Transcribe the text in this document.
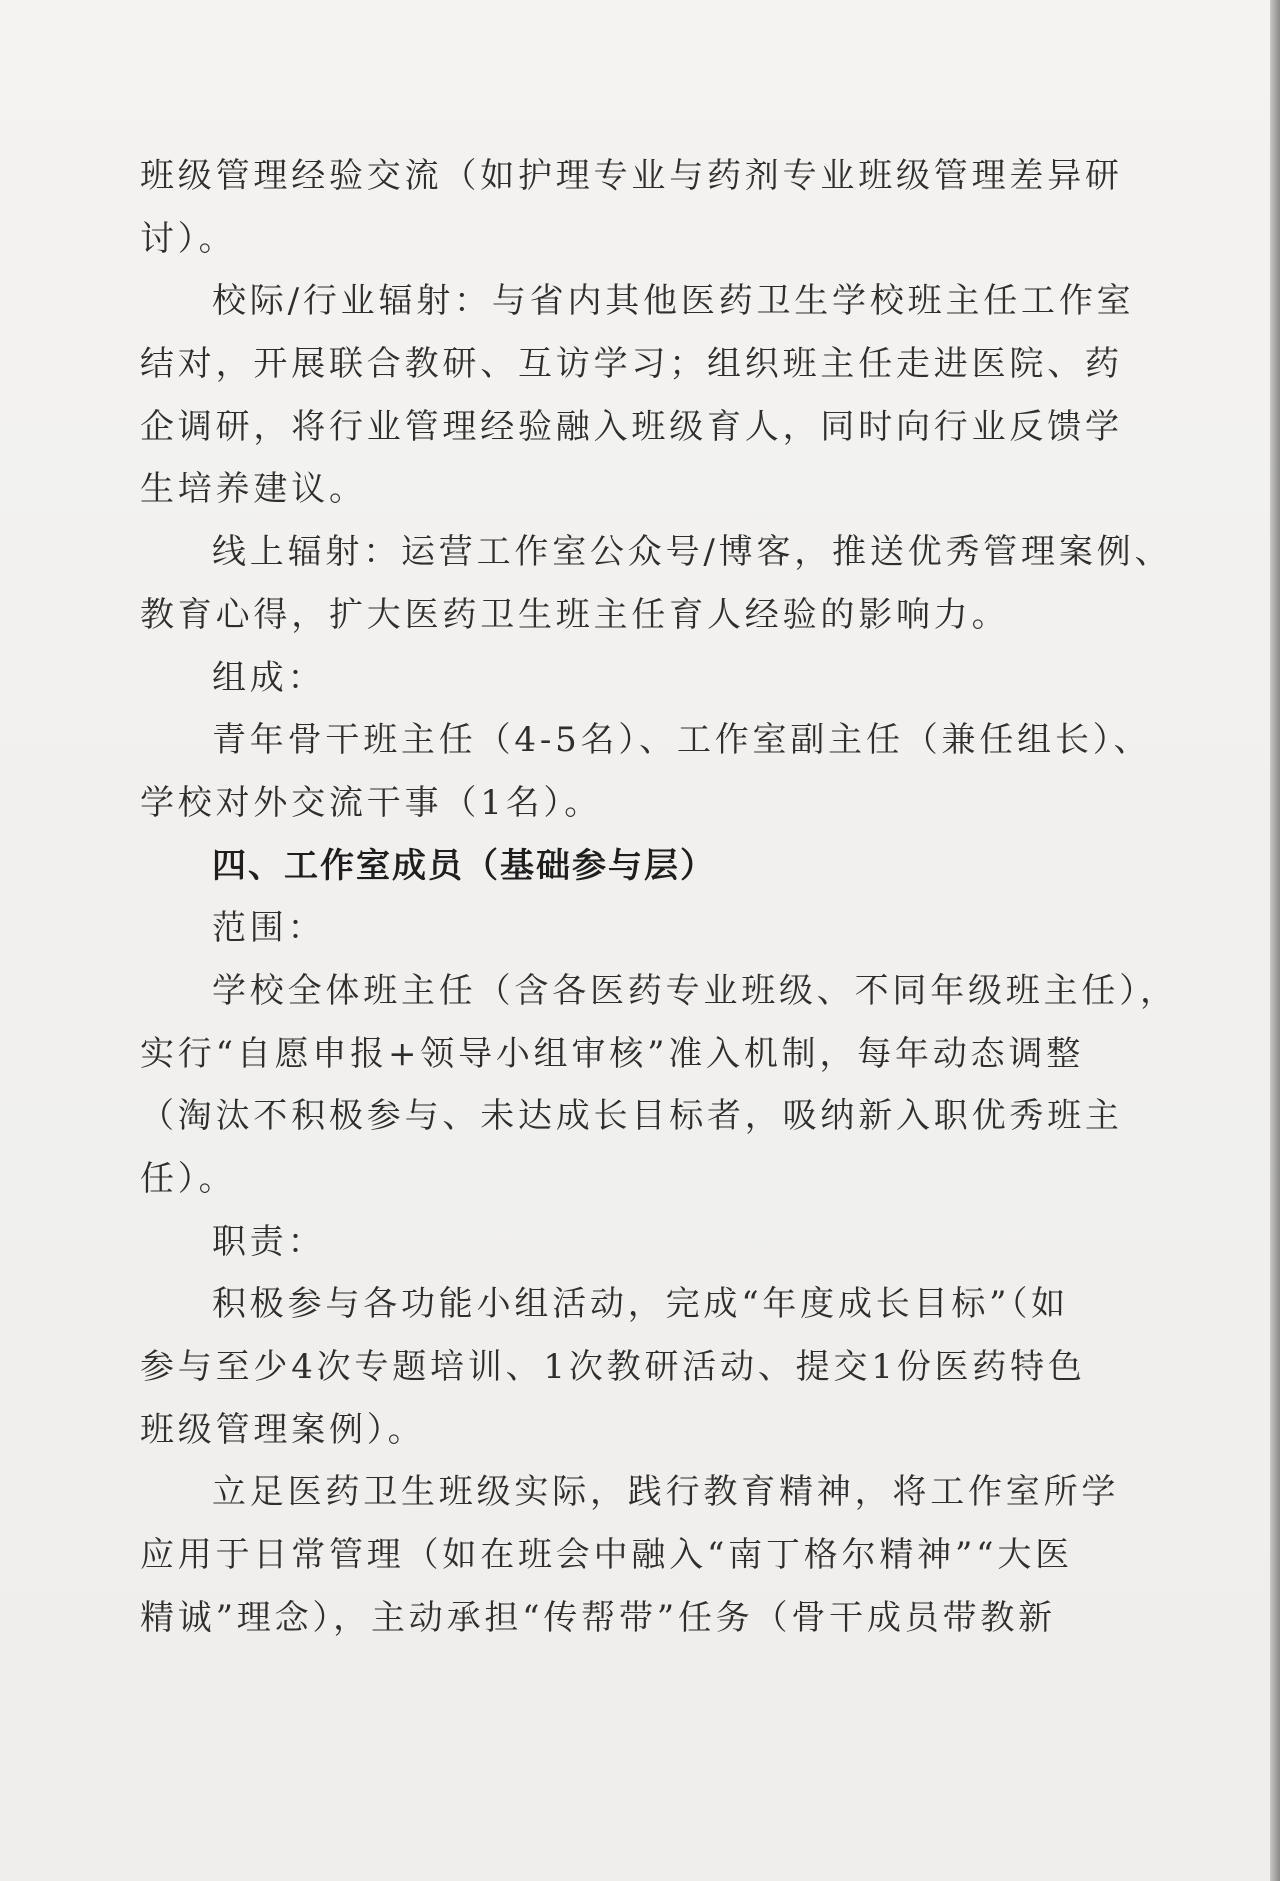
班级管理经验交流（如护理专业与药剂专业班级管理差异研
讨）。
校际/行业辐射：与省内其他医药卫生学校班主任工作室
结对，开展联合教研、互访学习；组织班主任走进医院、药
企调研，将行业管理经验融入班级育人，同时向行业反馈学
生培养建议。
线上辐射：运营工作室公众号/博客，推送优秀管理案例、
教育心得，扩大医药卫生班主任育人经验的影响力。
组成：
青年骨干班主任（4-5名）、工作室副主任（兼任组长）、
学校对外交流干事（1名）。
四、工作室成员（基础参与层）
范围：
学校全体班主任（含各医药专业班级、不同年级班主任），
实行“自愿申报+领导小组审核”准入机制，每年动态调整
（淘汰不积极参与、未达成长目标者，吸纳新入职优秀班主
任）。
职责：
积极参与各功能小组活动，完成“年度成长目标”（如
参与至少4次专题培训、1次教研活动、提交1份医药特色
班级管理案例）。
立足医药卫生班级实际，践行教育精神，将工作室所学
应用于日常管理（如在班会中融入“南丁格尔精神”“大医
精诚”理念），主动承担“传帮带”任务（骨干成员带教新
